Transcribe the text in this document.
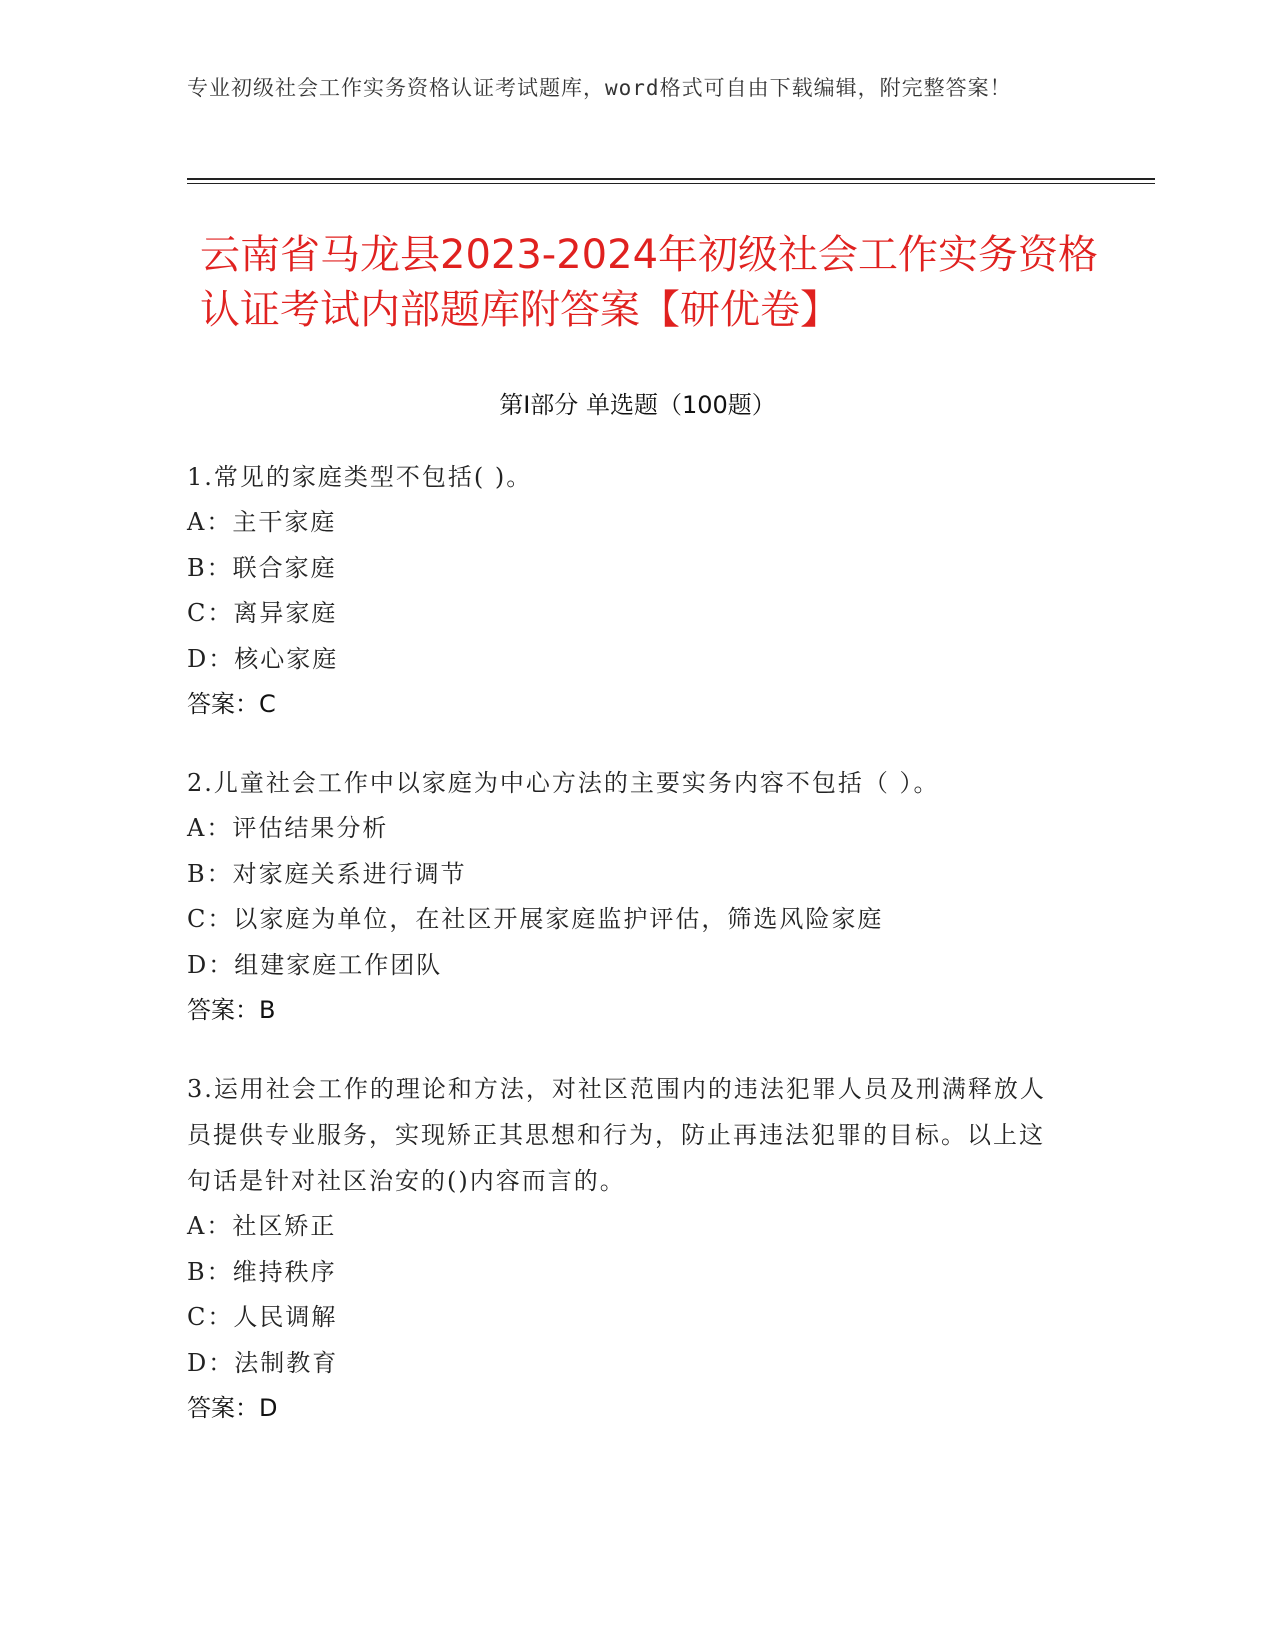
专业初级社会工作实务资格认证考试题库，word格式可自由下载编辑，附完整答案！
云南省马龙县2023-2024年初级社会工作实务资格认证考试内部题库附答案【研优卷】
第Ⅰ部分 单选题（100题）
1.常见的家庭类型不包括( )。
A：主干家庭
B：联合家庭
C：离异家庭
D：核心家庭
答案：C
2.儿童社会工作中以家庭为中心方法的主要实务内容不包括（ ）。
A：评估结果分析
B：对家庭关系进行调节
C：以家庭为单位，在社区开展家庭监护评估，筛选风险家庭
D：组建家庭工作团队
答案：B
3.运用社会工作的理论和方法，对社区范围内的违法犯罪人员及刑满释放人员提供专业服务，实现矫正其思想和行为，防止再违法犯罪的目标。以上这句话是针对社区治安的()内容而言的。
A：社区矫正
B：维持秩序
C：人民调解
D：法制教育
答案：D
